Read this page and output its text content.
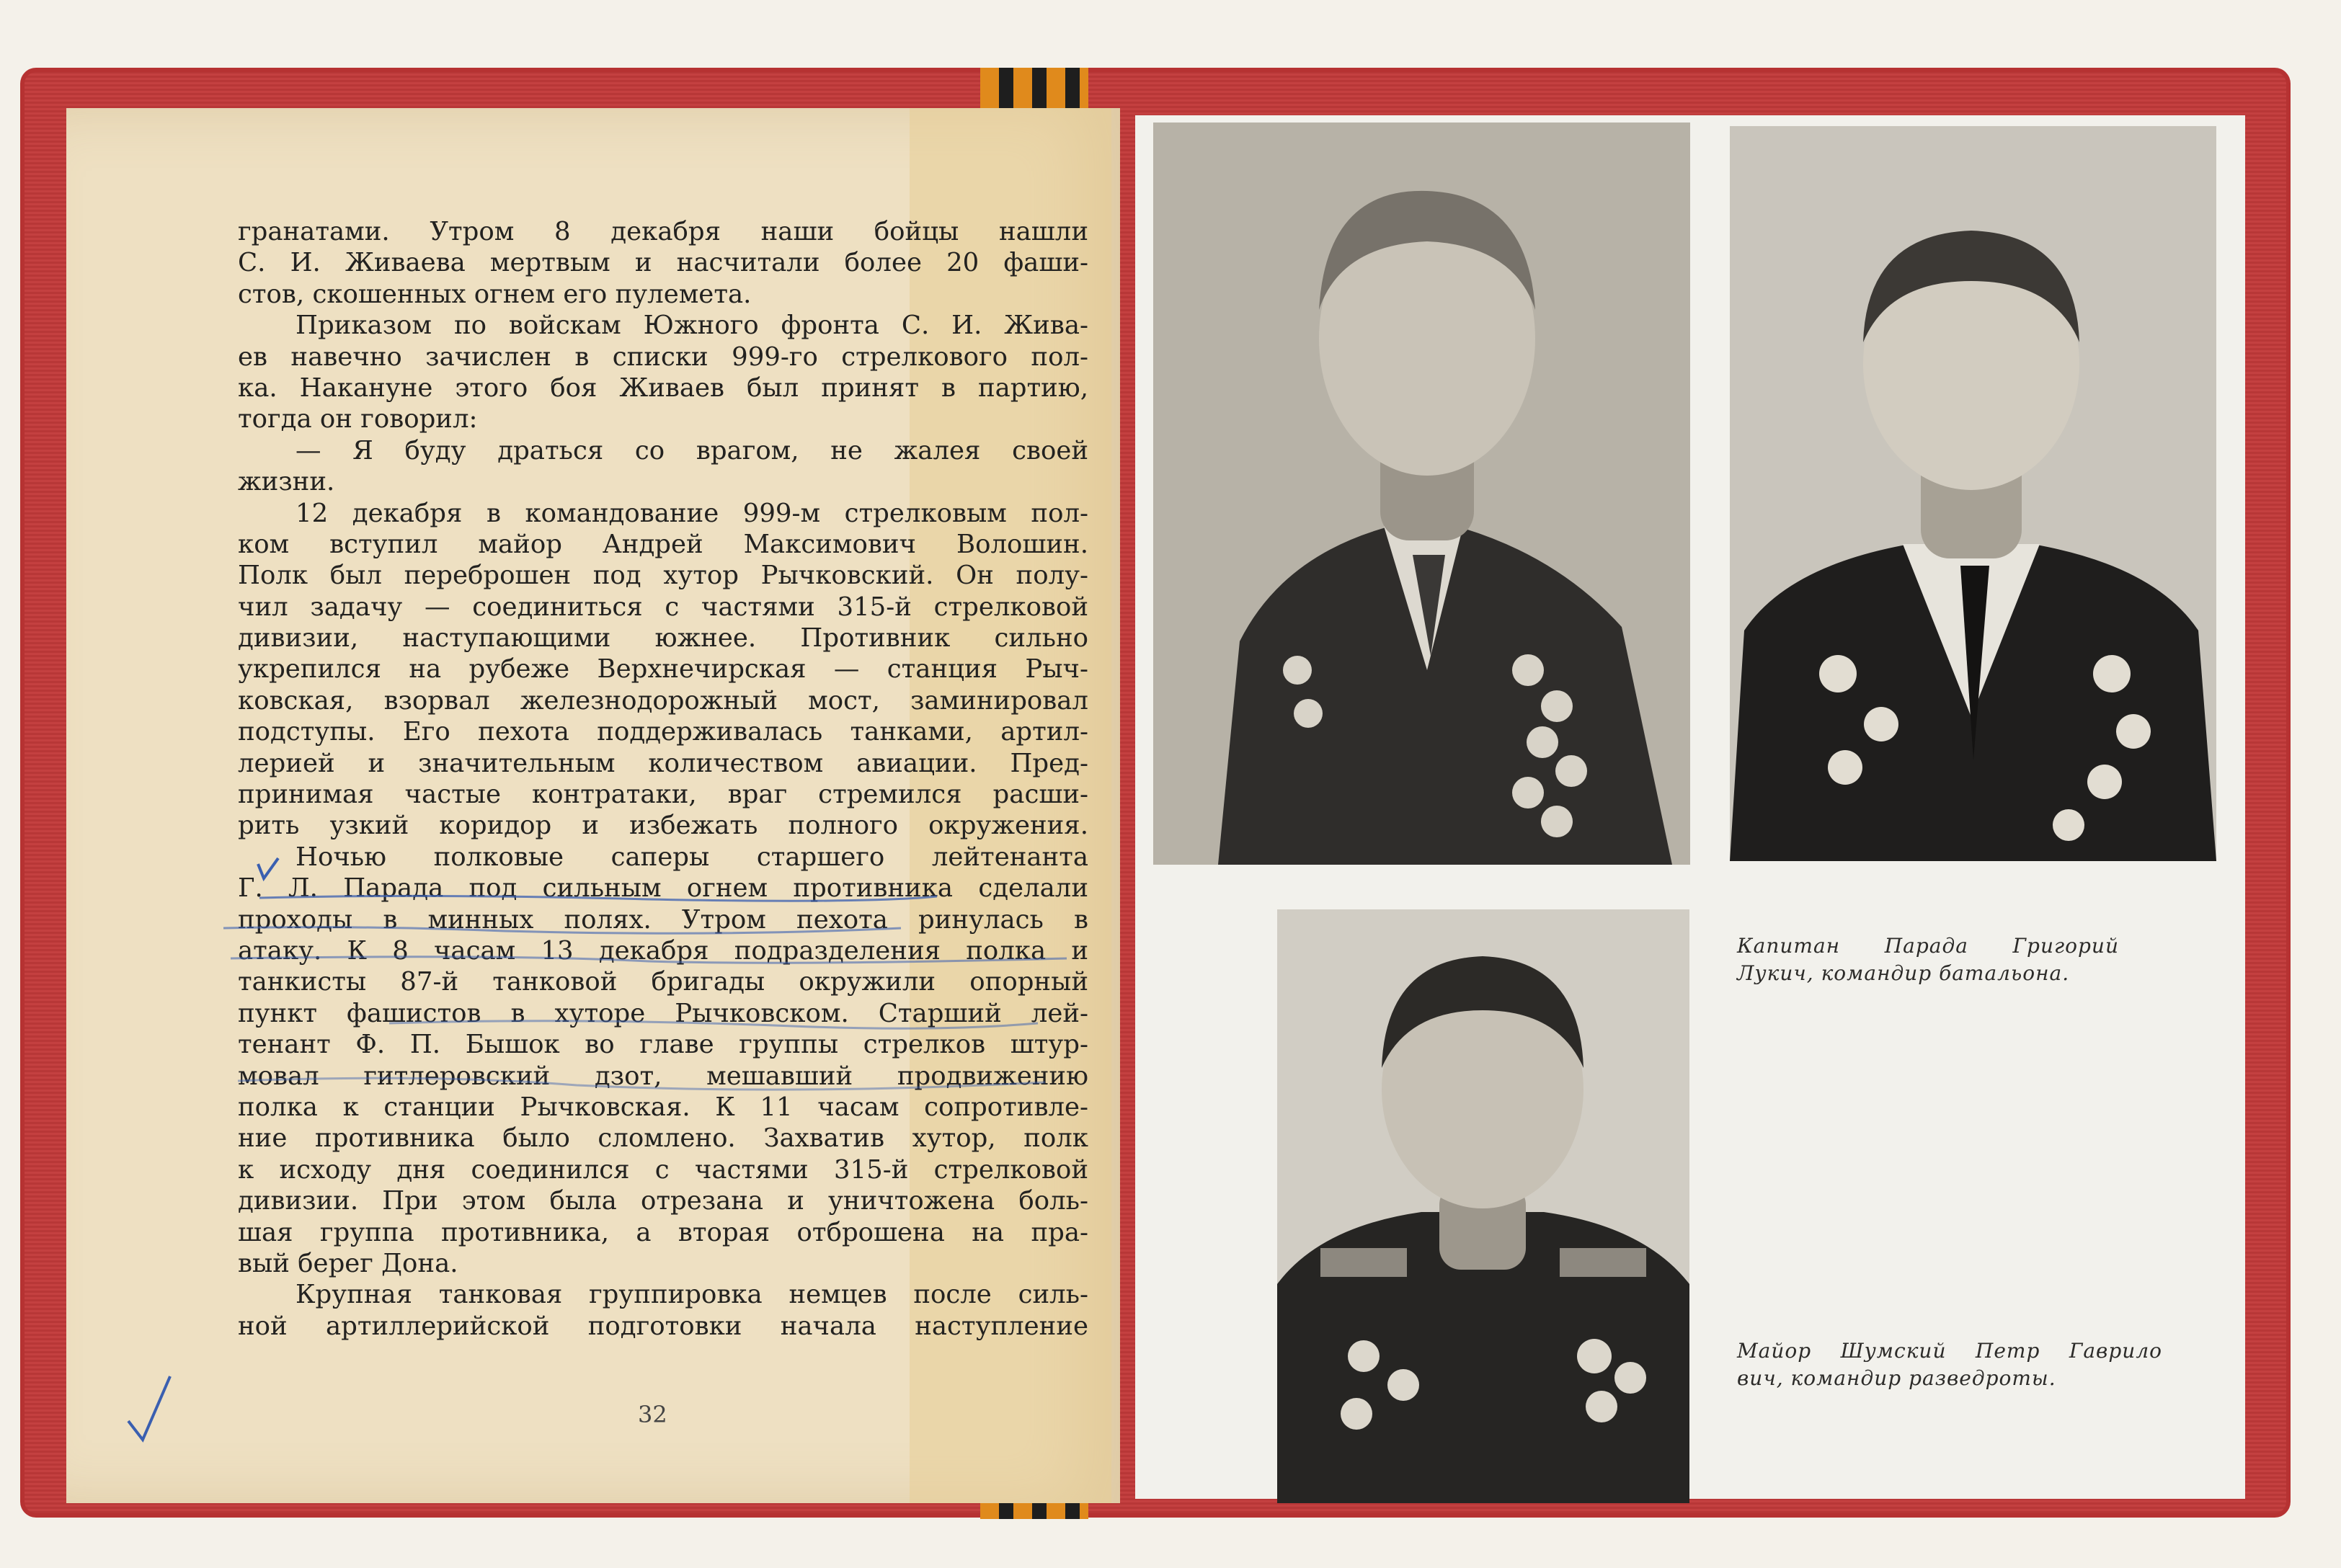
гранатами. Утром 8 декабря наши бойцы нашли
С. И. Живаева мертвым и насчитали более 20 фаши-
стов, скошенных огнем его пулемета.
Приказом по войскам Южного фронта С. И. Жива-
ев навечно зачислен в списки 999-го стрелкового пол-
ка. Накануне этого боя Живаев был принят в партию,
тогда он говорил:
— Я буду драться со врагом, не жалея своей
жизни.
12 декабря в командование 999-м стрелковым пол-
ком вступил майор Андрей Максимович Волошин.
Полк был переброшен под хутор Рычковский. Он полу-
чил задачу — соединиться с частями 315-й стрелковой
дивизии, наступающими южнее. Противник сильно
укрепился на рубеже Верхнечирская — станция Рыч-
ковская, взорвал железнодорожный мост, заминировал
подступы. Его пехота поддерживалась танками, артил-
лерией и значительным количеством авиации. Пред-
принимая частые контратаки, враг стремился расши-
рить узкий коридор и избежать полного окружения.
Ночью полковые саперы старшего лейтенанта
Г. Л. Парада под сильным огнем противника сделали
проходы в минных полях. Утром пехота ринулась в
атаку. К 8 часам 13 декабря подразделения полка и
танкисты 87-й танковой бригады окружили опорный
пункт фашистов в хуторе Рычковском. Старший лей-
тенант Ф. П. Бышок во главе группы стрелков штур-
мовал гитлеровский дзот, мешавший продвижению
полка к станции Рычковская. К 11 часам сопротивле-
ние противника было сломлено. Захватив хутор, полк
к исходу дня соединился с частями 315-й стрелковой
дивизии. При этом была отрезана и уничтожена боль-
шая группа противника, а вторая отброшена на пра-
вый берег Дона.
Крупная танковая группировка немцев после силь-
ной артиллерийской подготовки начала наступление
32
Капитан Парада Григорий
Лукич, командир батальона.
Майор Шумский Петр Гаврило
вич, командир разведроты.
